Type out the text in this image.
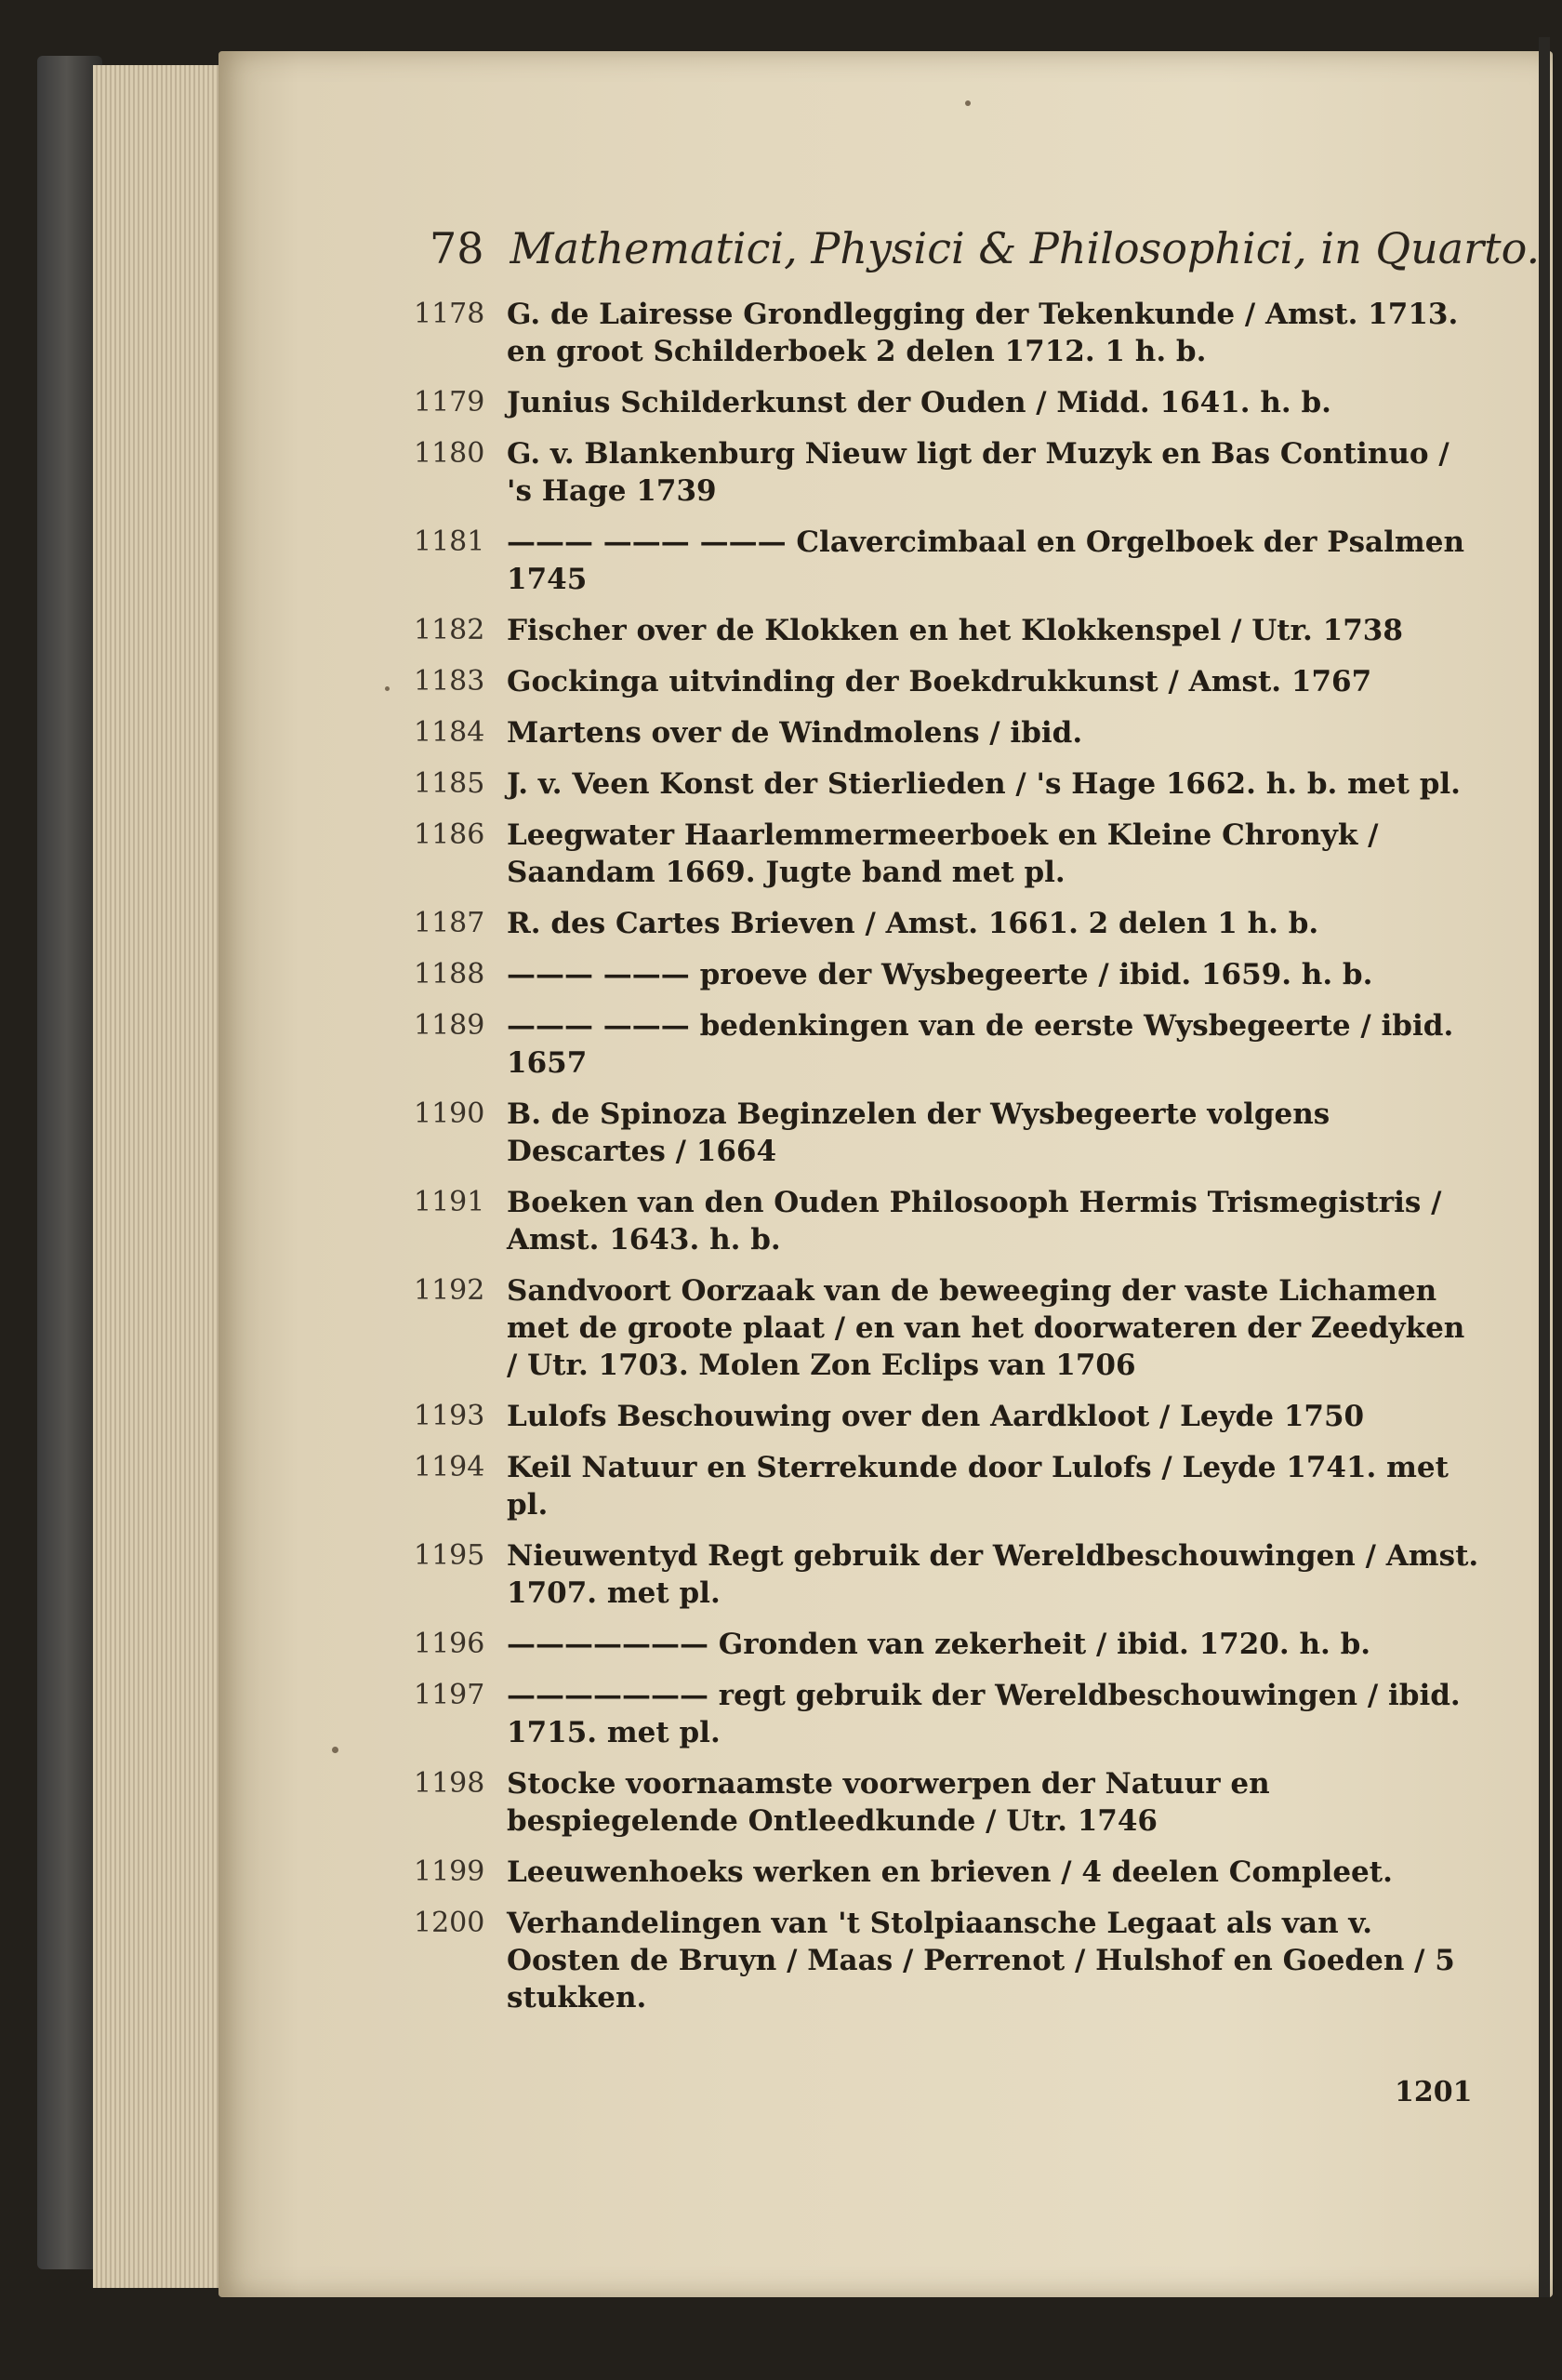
78 Mathematici, Physici & Philosophici, in Quarto.
1178 G. de Lairesse Grondlegging der Tekenkunde / Amst. 1713. en groot Schilderboek 2 delen 1712. 1 h. b.
1179 Junius Schilderkunst der Ouden / Midd. 1641. h. b.
1180 G. v. Blankenburg Nieuw ligt der Muzyk en Bas Continuo / 's Hage 1739
1181 ——— ——— ——— Clavercimbaal en Orgelboek der Psalmen 1745
1182 Fischer over de Klokken en het Klokkenspel / Utr. 1738
1183 Gockinga uitvinding der Boekdrukkunst / Amst. 1767
1184 Martens over de Windmolens / ibid.
1185 J. v. Veen Konst der Stierlieden / 's Hage 1662. h. b. met pl.
1186 Leegwater Haarlemmermeerboek en Kleine Chronyk / Saandam 1669. Jugte band met pl.
1187 R. des Cartes Brieven / Amst. 1661. 2 delen 1 h. b.
1188 ——— ——— proeve der Wysbegeerte / ibid. 1659. h. b.
1189 ——— ——— bedenkingen van de eerste Wysbegeerte / ibid. 1657
1190 B. de Spinoza Beginzelen der Wysbegeerte volgens Descartes / 1664
1191 Boeken van den Ouden Philosooph Hermis Trismegistris / Amst. 1643. h. b.
1192 Sandvoort Oorzaak van de beweeging der vaste Lichamen met de groote plaat / en van het doorwateren der Zeedyken / Utr. 1703. Molen Zon Eclips van 1706
1193 Lulofs Beschouwing over den Aardkloot / Leyde 1750
1194 Keil Natuur en Sterrekunde door Lulofs / Leyde 1741. met pl.
1195 Nieuwentyd Regt gebruik der Wereldbeschouwingen / Amst. 1707. met pl.
1196 ——————— Gronden van zekerheit / ibid. 1720. h. b.
1197 ——————— regt gebruik der Wereldbeschouwingen / ibid. 1715. met pl.
1198 Stocke voornaamste voorwerpen der Natuur en bespiegelende Ontleedkunde / Utr. 1746
1199 Leeuwenhoeks werken en brieven / 4 deelen Compleet.
1200 Verhandelingen van 't Stolpiaansche Legaat als van v. Oosten de Bruyn / Maas / Perrenot / Hulshof en Goeden / 5 stukken.
1201
